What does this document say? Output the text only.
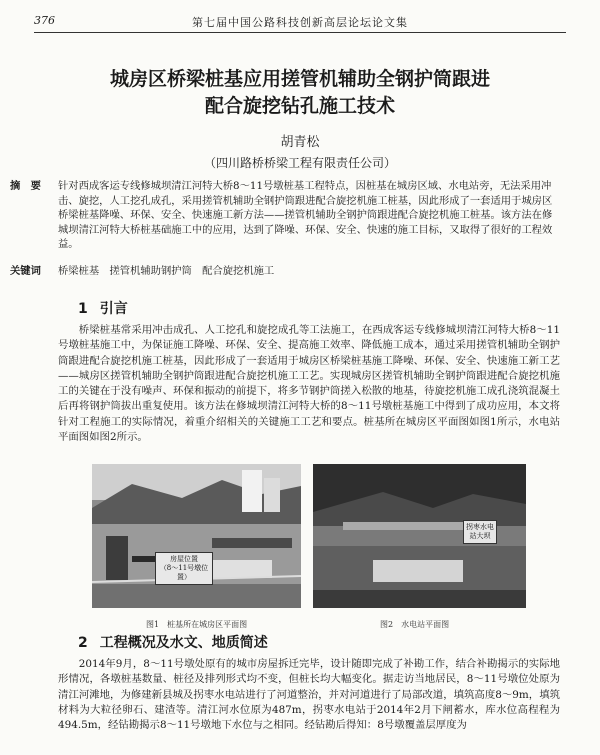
376	第七届中国公路科技创新高层论坛论文集
城房区桥梁桩基应用搓管机辅助全钢护筒跟进
配合旋挖钻孔施工技术
胡青松
（四川路桥桥梁工程有限责任公司）
摘　要	针对西成客运专线修城坝清江河特大桥8～11号墩桩基工程特点，因桩基在城房区域、水电站旁，无法采用冲击、旋挖，人工挖孔成孔，采用搓管机辅助全钢护筒跟进配合旋挖机施工桩基，因此形成了一套适用于城房区桥梁桩基降噪、环保、安全、快速施工新方法——搓管机辅助全钢护筒跟进配合旋挖机施工桩基。该方法在修城坝清江河特大桥桩基础施工中的应用，达到了降噪、环保、安全、快速的施工目标，又取得了很好的工程效益。
关键词	桥梁桩基　搓管机辅助钢护筒　配合旋挖机施工
1 引言
桥梁桩基常采用冲击成孔、人工挖孔和旋挖成孔等工法施工，在西成客运专线修城坝清江河特大桥8～11号墩桩基施工中，为保证施工降噪、环保、安全、提高施工效率、降低施工成本，通过采用搓管机辅助全钢护筒跟进配合旋挖机施工桩基，因此形成了一套适用于城房区桥梁桩基施工降噪、环保、安全、快速施工新工艺——城房区搓管机辅助全钢护筒跟进配合旋挖机施工工艺。实现城房区搓管机辅助全钢护筒跟进配合旋挖机施工的关键在于没有噪声、环保和振动的前提下，将多节钢护筒搓入松散的地基，待旋挖机施工成孔浇筑混凝土后再将钢护筒拔出重复使用。该方法在修城坝清江河特大桥的8～11号墩桩基施工中得到了成功应用，本文将针对工程施工的实际情况，着重介绍相关的关键施工工艺和要点。桩基所在城房区平面图如图1所示，水电站平面图如图2所示。
房屋位置
（8～11号墩位置）
拐枣水电站大坝
图1　桩基所在城房区平面图	图2　水电站平面图
2 工程概况及水文、地质简述
2014年9月，8～11号墩处原有的城市房屋拆迁完毕，设计随即完成了补勘工作，结合补勘揭示的实际地形情况，各墩桩基数量、桩径及排列形式均不变，但桩长均大幅变化。据走访当地居民，8～11号墩位处原为清江河滩地，为修建新县城及拐枣水电站进行了河道整治，并对河道进行了局部改道，填筑高度8～9m，填筑材料为大粒径卵石、建渣等。清江河水位原为487m，拐枣水电站于2014年2月下闸蓄水，库水位高程程为494.5m，经钻勘揭示8～11号墩地下水位与之相同。经钻勘后得知：8号墩覆盖层厚度为
